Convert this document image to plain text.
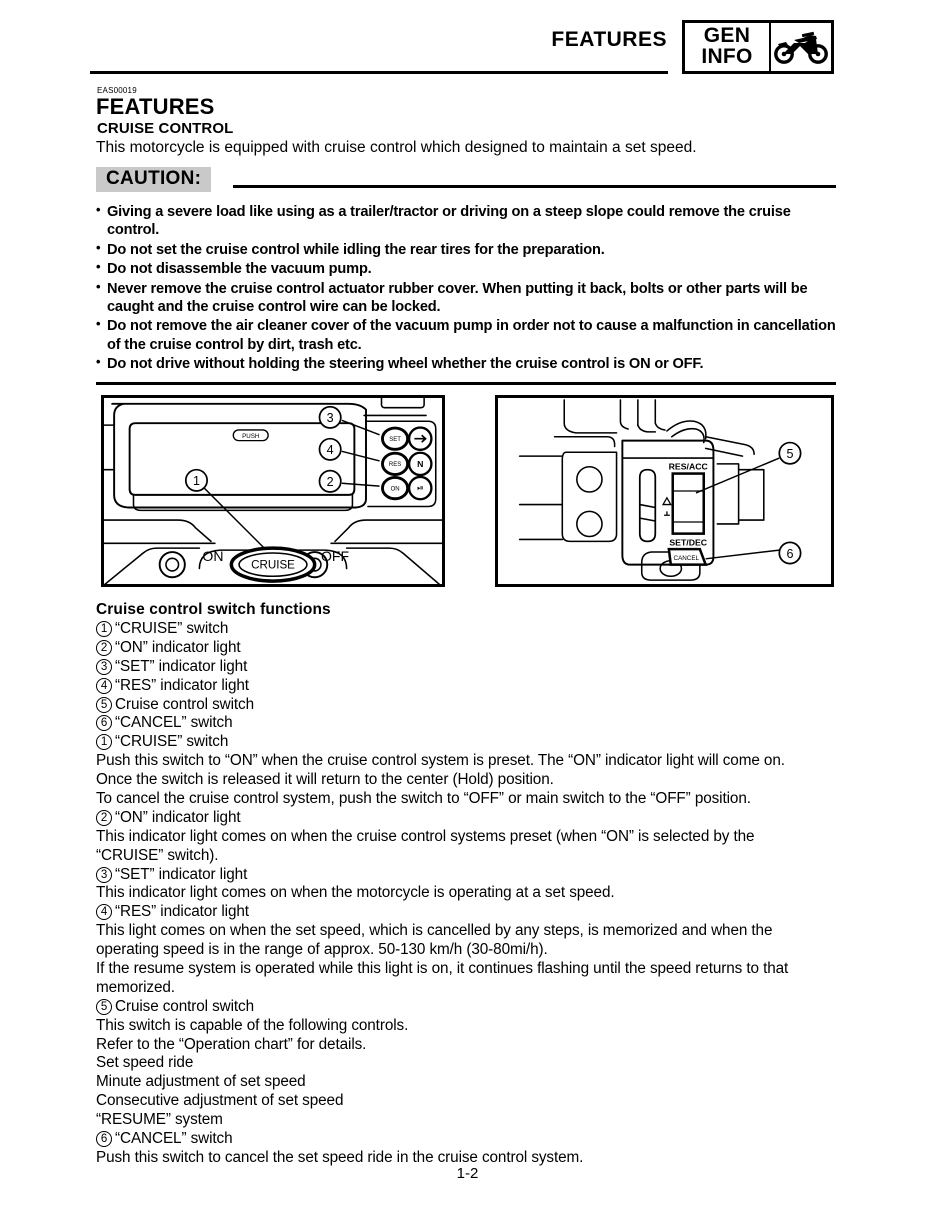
FEATURES GEN
INFO
EAS00019
FEATURES
CRUISE CONTROL
This motorcycle is equipped with cruise control which designed to maintain a set speed.
CAUTION:
• Giving a severe load like using as a trailer/tractor or driving on a steep slope could remove the cruise control.
• Do not set the cruise control while idling the rear tires for the preparation.
• Do not disassemble the vacuum pump.
• Never remove the cruise control actuator rubber cover. When putting it back, bolts or other parts will be caught and the cruise control wire can be locked.
• Do not remove the air cleaner cover of the vacuum pump in order not to cause a malfunction in cancellation of the cruise control by dirt, trash etc.
• Do not drive without holding the steering wheel whether the cruise control is ON or OFF.
SET
RES
ON ⏯
N
PUSH
CRUISE
ON	OFF
3
4
2
1
RES/ACC
SET/DEC
CANCEL
5
6
Cruise control switch functions
1 “CRUISE” switch
2 “ON” indicator light
3 “SET” indicator light
4 “RES” indicator light
5 Cruise control switch
6 “CANCEL” switch
1 “CRUISE” switch
Push this switch to “ON” when the cruise control system is preset. The “ON” indicator light will come on.
Once the switch is released it will return to the center (Hold) position.
To cancel the cruise control system, push the switch to “OFF” or main switch to the “OFF” position.
2 “ON” indicator light
This indicator light comes on when the cruise control systems preset (when “ON” is selected by the
“CRUISE” switch).
3 “SET” indicator light
This indicator light comes on when the motorcycle is operating at a set speed.
4 “RES” indicator light
This light comes on when the set speed, which is cancelled by any steps, is memorized and when the
operating speed is in the range of approx. 50-130 km/h (30-80mi/h).
If the resume system is operated while this light is on, it continues flashing until the speed returns to that
memorized.
5 Cruise control switch
This switch is capable of the following controls.
Refer to the “Operation chart” for details.
Set speed ride
Minute adjustment of set speed
Consecutive adjustment of set speed
“RESUME” system
6 “CANCEL” switch
Push this switch to cancel the set speed ride in the cruise control system.
1-2
